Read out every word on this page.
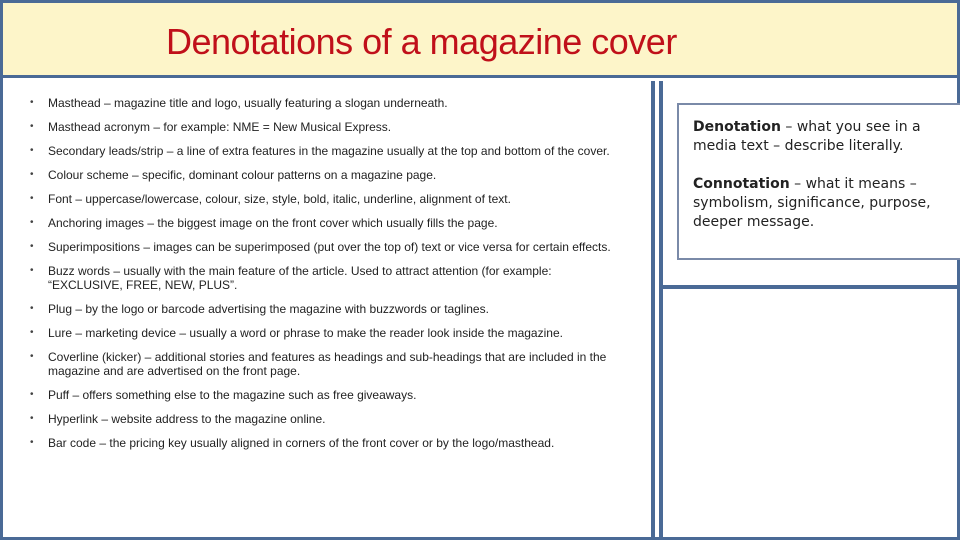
Denotations of a magazine cover
• Masthead – magazine title and logo, usually featuring a slogan underneath.
• Masthead acronym – for example: NME = New Musical Express.
• Secondary leads/strip – a line of extra features in the magazine usually at the top and bottom of the cover.
• Colour scheme – specific, dominant colour patterns on a magazine page.
• Font – uppercase/lowercase, colour, size, style, bold, italic, underline, alignment of text.
• Anchoring images – the biggest image on the front cover which usually fills the page.
• Superimpositions – images can be superimposed (put over the top of) text or vice versa for certain effects.
• Buzz words – usually with the main feature of the article. Used to attract attention (for example: “EXCLUSIVE, FREE, NEW, PLUS”.
• Plug – by the logo or barcode advertising the magazine with buzzwords or taglines.
• Lure – marketing device – usually a word or phrase to make the reader look inside the magazine.
• Coverline (kicker) – additional stories and features as headings and sub-headings that are included in the magazine and are advertised on the front page.
• Puff – offers something else to the magazine such as free giveaways.
• Hyperlink – website address to the magazine online.
• Bar code – the pricing key usually aligned in corners of the front cover or by the logo/masthead.

Denotation – what you see in a media text – describe literally.

Connotation – what it means – symbolism, significance, purpose, deeper message.
